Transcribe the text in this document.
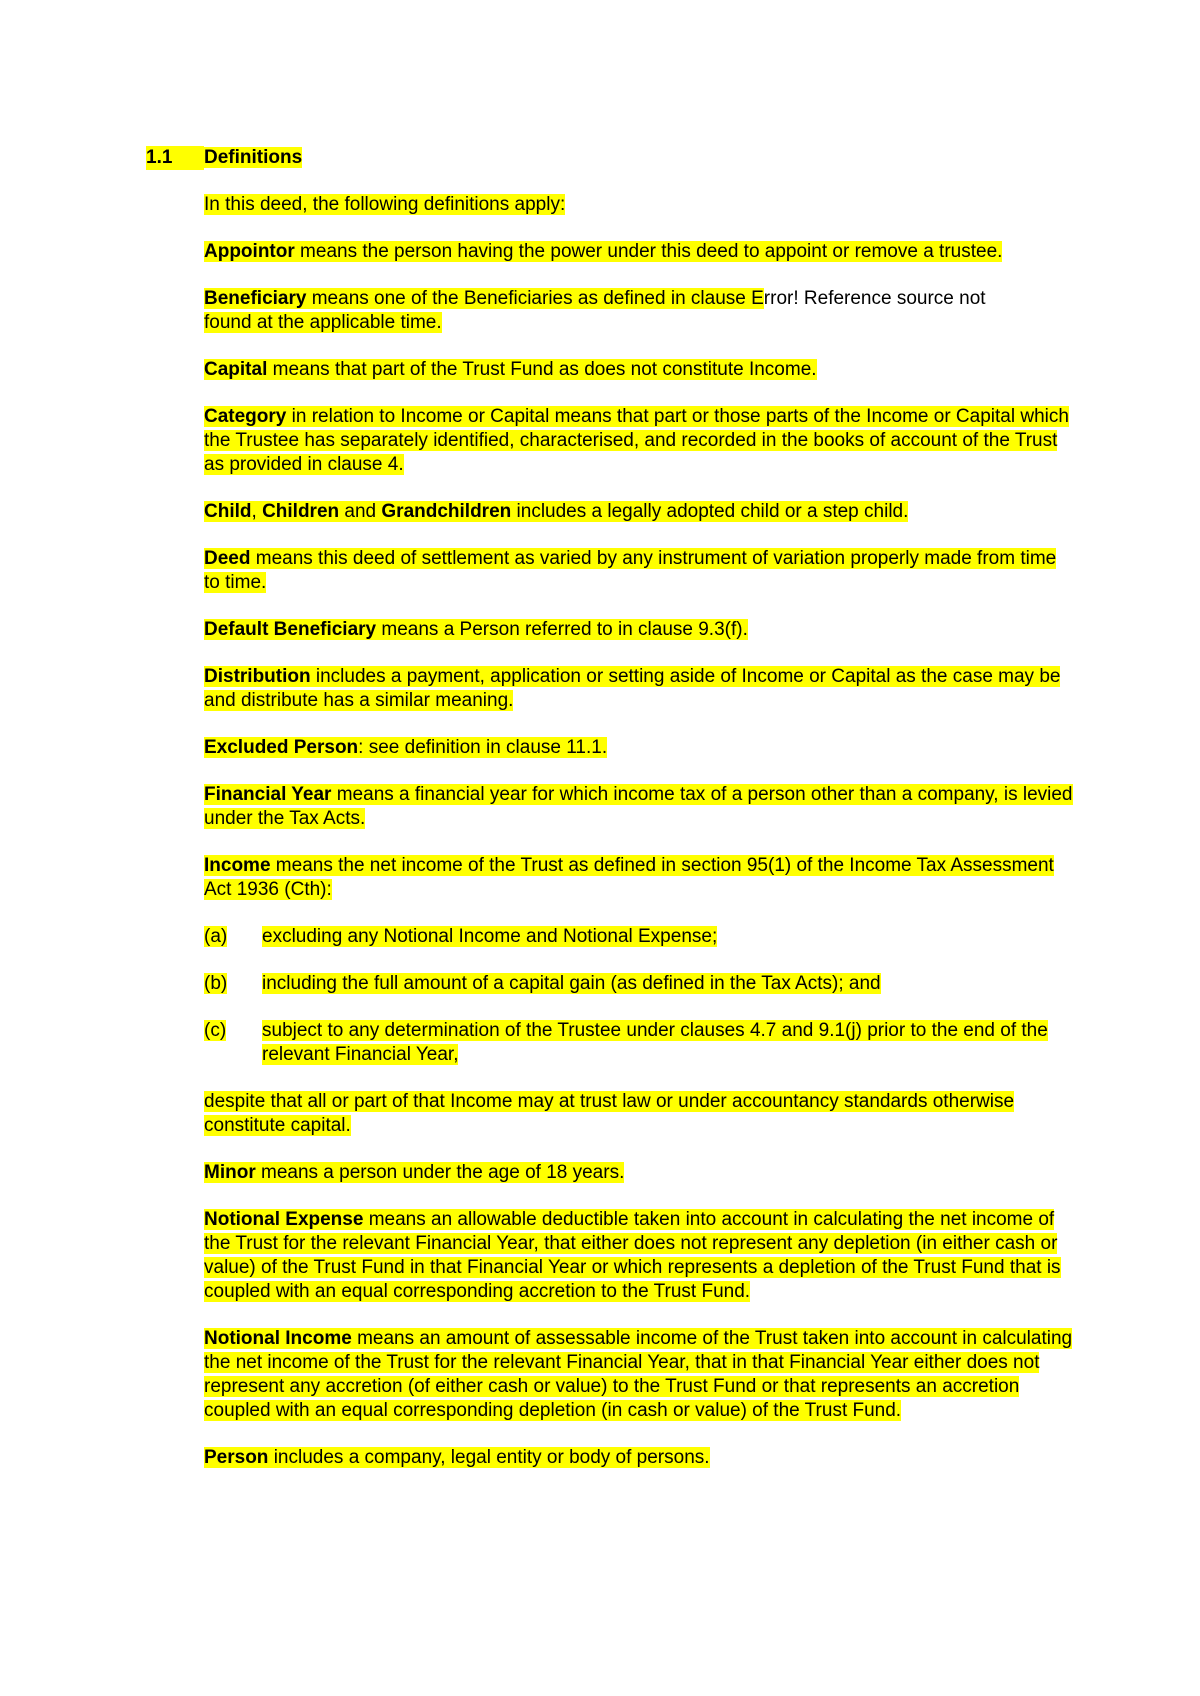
1.1 Definitions

In this deed, the following definitions apply:

Appointor means the person having the power under this deed to appoint or remove a trustee.

Beneficiary means one of the Beneficiaries as defined in clause Error! Reference source not
found at the applicable time.

Capital means that part of the Trust Fund as does not constitute Income.

Category in relation to Income or Capital means that part or those parts of the Income or Capital which the Trustee has separately identified, characterised, and recorded in the books of account of the Trust as provided in clause 4.

Child, Children and Grandchildren includes a legally adopted child or a step child.

Deed means this deed of settlement as varied by any instrument of variation properly made from time to time.

Default Beneficiary means a Person referred to in clause 9.3(f).

Distribution includes a payment, application or setting aside of Income or Capital as the case may be and distribute has a similar meaning.

Excluded Person: see definition in clause 11.1.

Financial Year means a financial year for which income tax of a person other than a company, is levied under the Tax Acts.

Income means the net income of the Trust as defined in section 95(1) of the Income Tax Assessment Act 1936 (Cth):

(a)	excluding any Notional Income and Notional Expense;
(b)	including the full amount of a capital gain (as defined in the Tax Acts); and
(c)	subject to any determination of the Trustee under clauses 4.7 and 9.1(j) prior to the end of the relevant Financial Year,

despite that all or part of that Income may at trust law or under accountancy standards otherwise constitute capital.

Minor means a person under the age of 18 years.

Notional Expense means an allowable deductible taken into account in calculating the net income of the Trust for the relevant Financial Year, that either does not represent any depletion (in either cash or value) of the Trust Fund in that Financial Year or which represents a depletion of the Trust Fund that is coupled with an equal corresponding accretion to the Trust Fund.

Notional Income means an amount of assessable income of the Trust taken into account in calculating the net income of the Trust for the relevant Financial Year, that in that Financial Year either does not represent any accretion (of either cash or value) to the Trust Fund or that represents an accretion coupled with an equal corresponding depletion (in cash or value) of the Trust Fund.

Person includes a company, legal entity or body of persons.
